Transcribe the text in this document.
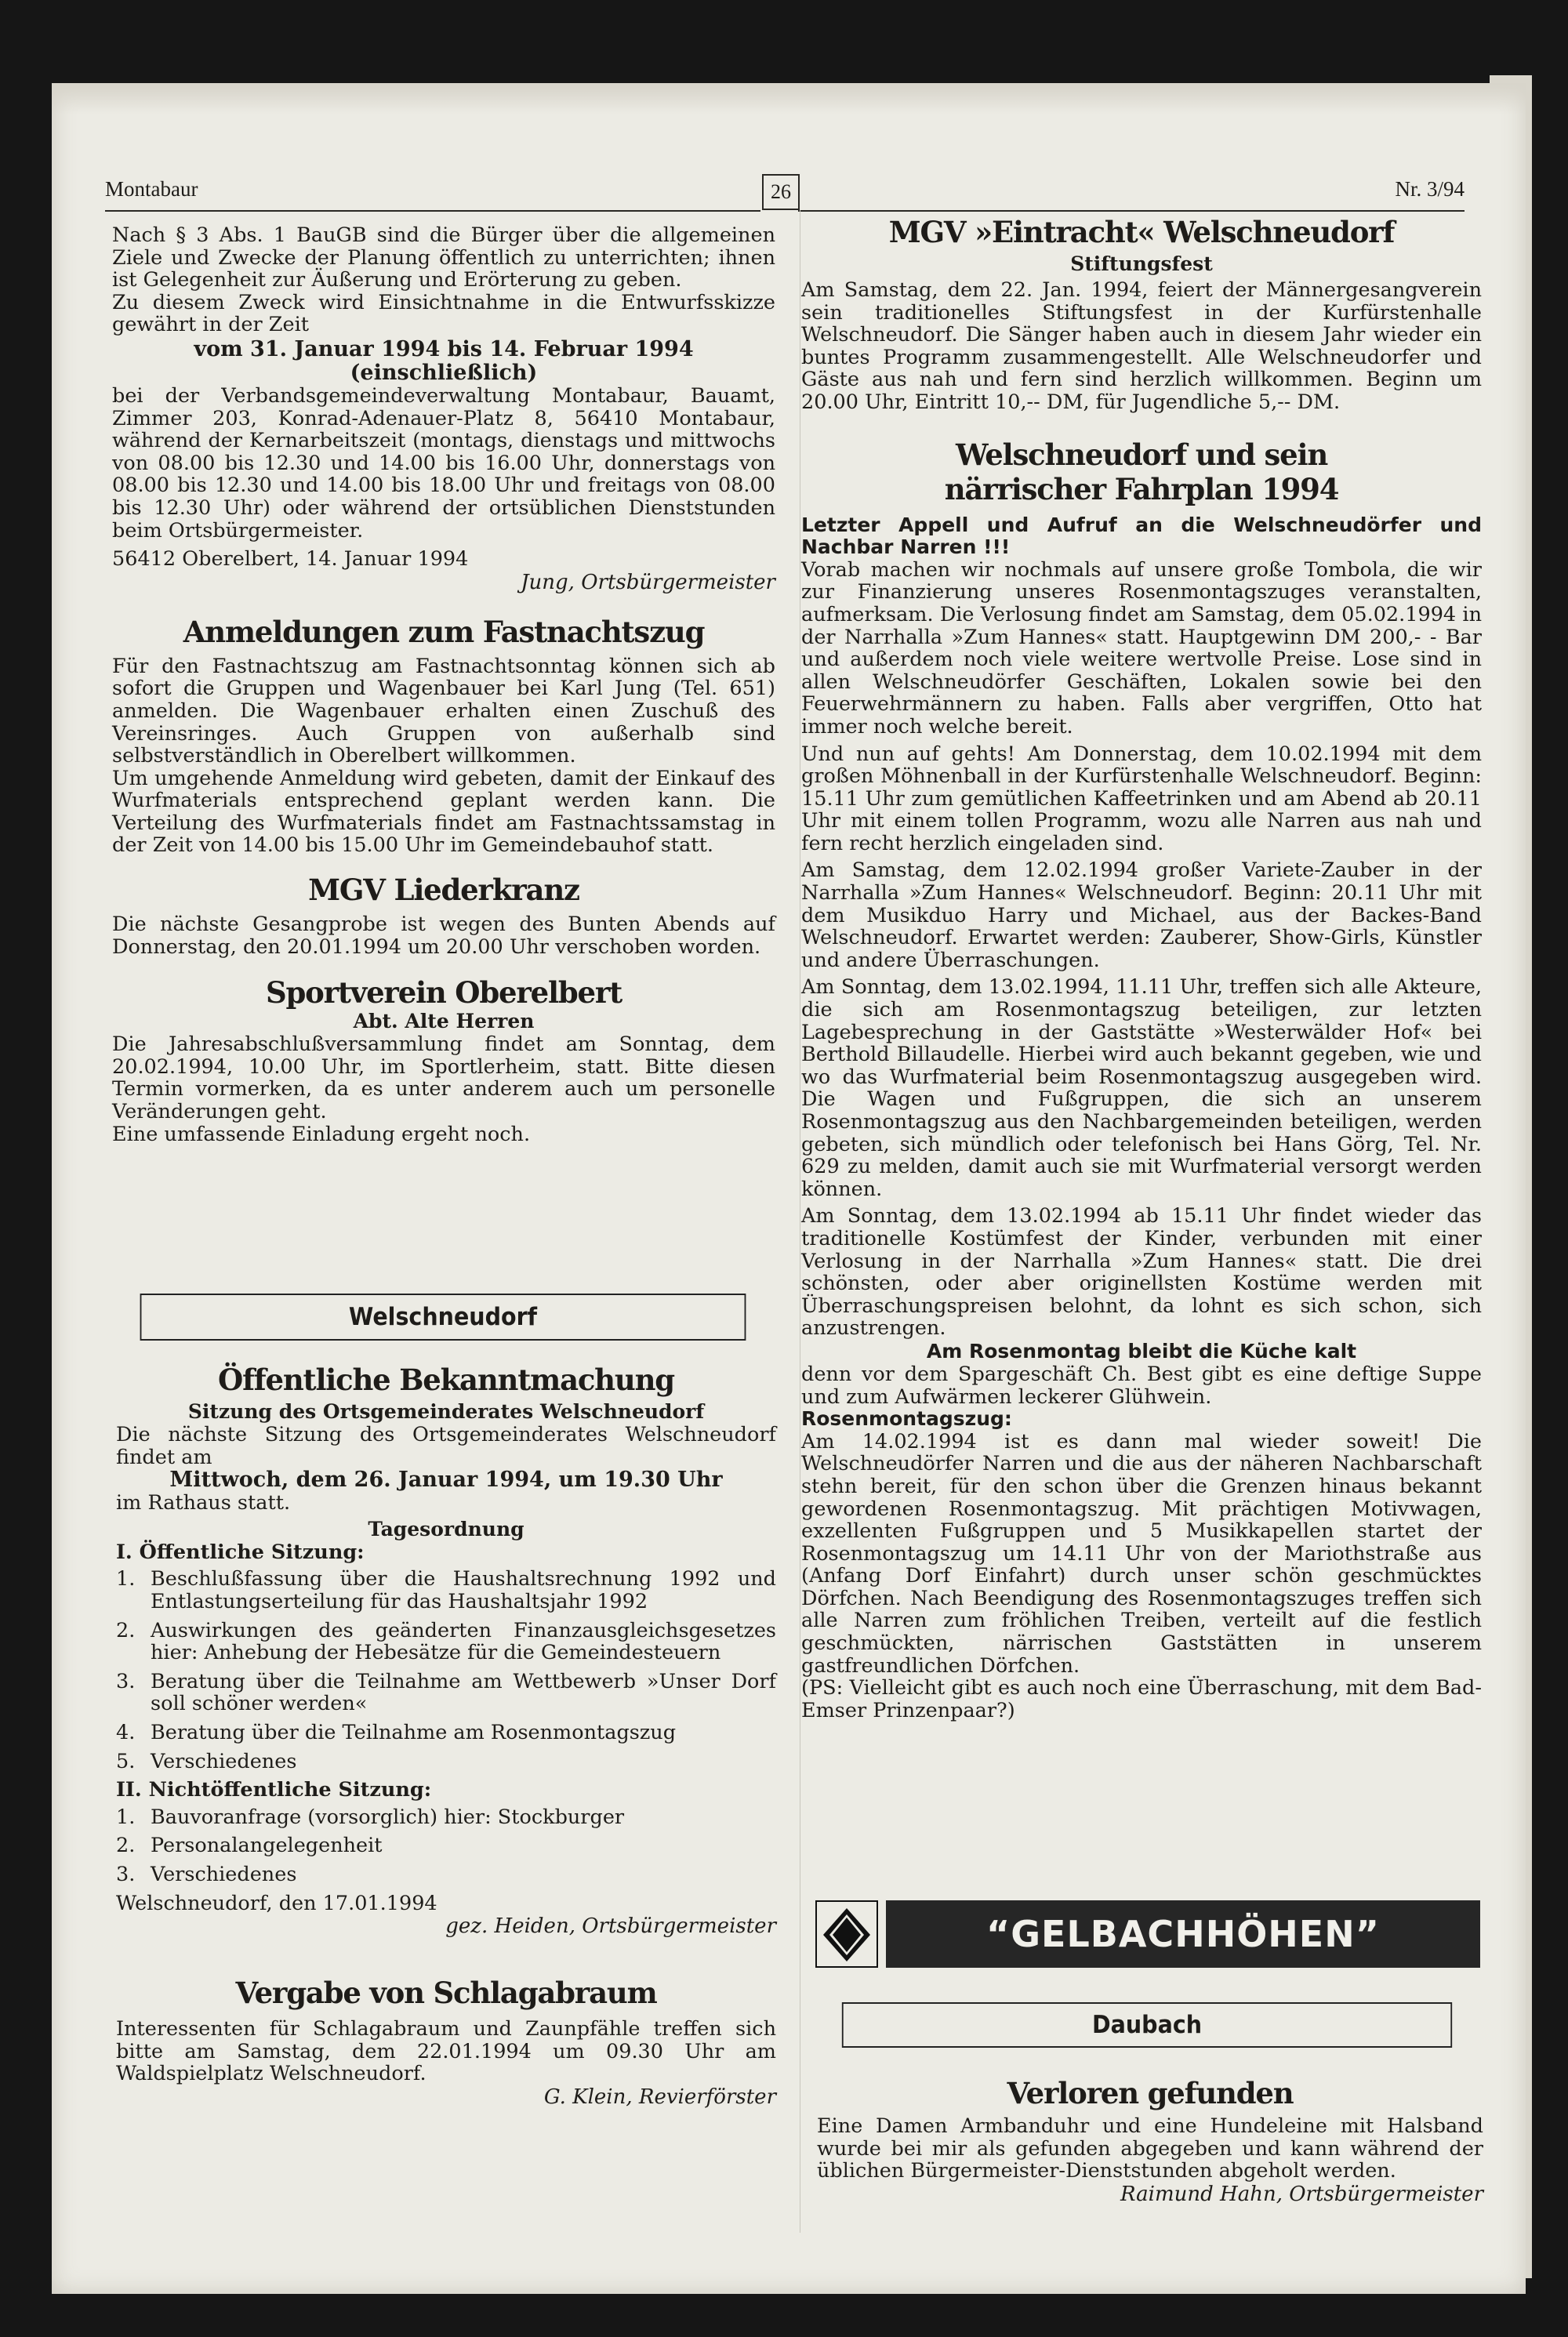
Montabaur	26	Nr. 3/94

Nach § 3 Abs. 1 BauGB sind die Bürger über die allgemeinen Ziele und Zwecke der Planung öffentlich zu unterrichten; ihnen ist Gelegenheit zur Äußerung und Erörterung zu geben.

Zu diesem Zweck wird Einsichtnahme in die Entwurfsskizze gewährt in der Zeit

vom 31. Januar 1994 bis 14. Februar 1994
(einschließlich)

bei der Verbandsgemeindeverwaltung Montabaur, Bauamt, Zimmer 203, Konrad-Adenauer-Platz 8, 56410 Montabaur, während der Kernarbeitszeit (montags, dienstags und mittwochs von 08.00 bis 12.30 und 14.00 bis 16.00 Uhr, donnerstags von 08.00 bis 12.30 und 14.00 bis 18.00 Uhr und freitags von 08.00 bis 12.30 Uhr) oder während der ortsüblichen Dienststunden beim Ortsbürgermeister.

56412 Oberelbert, 14. Januar 1994

Jung, Ortsbürgermeister
Anmeldungen zum Fastnachtszug

Für den Fastnachtszug am Fastnachtsonntag können sich ab sofort die Gruppen und Wagenbauer bei Karl Jung (Tel. 651) anmelden. Die Wagenbauer erhalten einen Zuschuß des Vereinsringes. Auch Gruppen von außerhalb sind selbstverständlich in Oberelbert willkommen.

Um umgehende Anmeldung wird gebeten, damit der Einkauf des Wurfmaterials entsprechend geplant werden kann. Die Verteilung des Wurfmaterials findet am Fastnachtssamstag in der Zeit von 14.00 bis 15.00 Uhr im Gemeindebauhof statt.

MGV Liederkranz

Die nächste Gesangprobe ist wegen des Bunten Abends auf Donnerstag, den 20.01.1994 um 20.00 Uhr verschoben worden.

Sportverein Oberelbert
Abt. Alte Herren

Die Jahresabschlußversammlung findet am Sonntag, dem 20.02.1994, 10.00 Uhr, im Sportlerheim, statt. Bitte diesen Termin vormerken, da es unter anderem auch um personelle Veränderungen geht.

Eine umfassende Einladung ergeht noch.

Welschneudorf
Öffentliche Bekanntmachung
Sitzung des Ortsgemeinderates Welschneudorf

Die nächste Sitzung des Ortsgemeinderates Welschneudorf findet am

Mittwoch, dem 26. Januar 1994, um 19.30 Uhr

im Rathaus statt.

Tagesordnung
I. Öffentliche Sitzung:
1. Beschlußfassung über die Haushaltsrechnung 1992 und Entlastungserteilung für das Haushaltsjahr 1992
2. Auswirkungen des geänderten Finanzausgleichsgesetzes hier: Anhebung der Hebesätze für die Gemeindesteuern
3. Beratung über die Teilnahme am Wettbewerb »Unser Dorf soll schöner werden«
4. Beratung über die Teilnahme am Rosenmontagszug
5. Verschiedenes
II. Nichtöffentliche Sitzung:
1. Bauvoranfrage (vorsorglich) hier: Stockburger
2. Personalangelegenheit
3. Verschiedenes

Welschneudorf, den 17.01.1994

gez. Heiden, Ortsbürgermeister
Vergabe von Schlagabraum

Interessenten für Schlagabraum und Zaunpfähle treffen sich bitte am Samstag, dem 22.01.1994 um 09.30 Uhr am Waldspielplatz Welschneudorf.

G. Klein, Revierförster
MGV »Eintracht« Welschneudorf
Stiftungsfest

Am Samstag, dem 22. Jan. 1994, feiert der Männergesangverein sein traditionelles Stiftungsfest in der Kurfürstenhalle Welschneudorf. Die Sänger haben auch in diesem Jahr wieder ein buntes Programm zusammengestellt. Alle Welschneudorfer und Gäste aus nah und fern sind herzlich willkommen. Beginn um 20.00 Uhr, Eintritt 10,-- DM, für Jugendliche 5,-- DM.

Welschneudorf und sein
närrischer Fahrplan 1994
Letzter Appell und Aufruf an die Welschneudörfer und Nachbar Narren !!!

Vorab machen wir nochmals auf unsere große Tombola, die wir zur Finanzierung unseres Rosenmontagszuges veranstalten, aufmerksam. Die Verlosung findet am Samstag, dem 05.02.1994 in der Narrhalla »Zum Hannes« statt. Hauptgewinn DM 200,- - Bar und außerdem noch viele weitere wertvolle Preise. Lose sind in allen Welschneudörfer Geschäften, Lokalen sowie bei den Feuerwehrmännern zu haben. Falls aber vergriffen, Otto hat immer noch welche bereit.

Und nun auf gehts! Am Donnerstag, dem 10.02.1994 mit dem großen Möhnenball in der Kurfürstenhalle Welschneudorf. Beginn: 15.11 Uhr zum gemütlichen Kaffeetrinken und am Abend ab 20.11 Uhr mit einem tollen Programm, wozu alle Narren aus nah und fern recht herzlich eingeladen sind.

Am Samstag, dem 12.02.1994 großer Variete-Zauber in der Narrhalla »Zum Hannes« Welschneudorf. Beginn: 20.11 Uhr mit dem Musikduo Harry und Michael, aus der Backes-Band Welschneudorf. Erwartet werden: Zauberer, Show-Girls, Künstler und andere Überraschungen.

Am Sonntag, dem 13.02.1994, 11.11 Uhr, treffen sich alle Akteure, die sich am Rosenmontagszug beteiligen, zur letzten Lagebesprechung in der Gaststätte »Westerwälder Hof« bei Berthold Billaudelle. Hierbei wird auch bekannt gegeben, wie und wo das Wurfmaterial beim Rosenmontagszug ausgegeben wird. Die Wagen und Fußgruppen, die sich an unserem Rosenmontagszug aus den Nachbargemeinden beteiligen, werden gebeten, sich mündlich oder telefonisch bei Hans Görg, Tel. Nr. 629 zu melden, damit auch sie mit Wurfmaterial versorgt werden können.

Am Sonntag, dem 13.02.1994 ab 15.11 Uhr findet wieder das traditionelle Kostümfest der Kinder, verbunden mit einer Verlosung in der Narrhalla »Zum Hannes« statt. Die drei schönsten, oder aber originellsten Kostüme werden mit Überraschungspreisen belohnt, da lohnt es sich schon, sich anzustrengen.

Am Rosenmontag bleibt die Küche kalt

denn vor dem Spargeschäft Ch. Best gibt es eine deftige Suppe und zum Aufwärmen leckerer Glühwein.

Rosenmontagszug:

Am 14.02.1994 ist es dann mal wieder soweit! Die Welschneudörfer Narren und die aus der näheren Nachbarschaft stehn bereit, für den schon über die Grenzen hinaus bekannt gewordenen Rosenmontagszug. Mit prächtigen Motivwagen, exzellenten Fußgruppen und 5 Musikkapellen startet der Rosenmontagszug um 14.11 Uhr von der Mariothstraße aus (Anfang Dorf Einfahrt) durch unser schön geschmücktes Dörfchen. Nach Beendigung des Rosenmontagszuges treffen sich alle Narren zum fröhlichen Treiben, verteilt auf die festlich geschmückten, närrischen Gaststätten in unserem gastfreundlichen Dörfchen.

(PS: Vielleicht gibt es auch noch eine Überraschung, mit dem Bad-Emser Prinzenpaar?)

“GELBACHHÖHEN”
Daubach
Verloren gefunden

Eine Damen Armbanduhr und eine Hundeleine mit Halsband wurde bei mir als gefunden abgegeben und kann während der üblichen Bürgermeister-Dienststunden abgeholt werden.

Raimund Hahn, Ortsbürgermeister
